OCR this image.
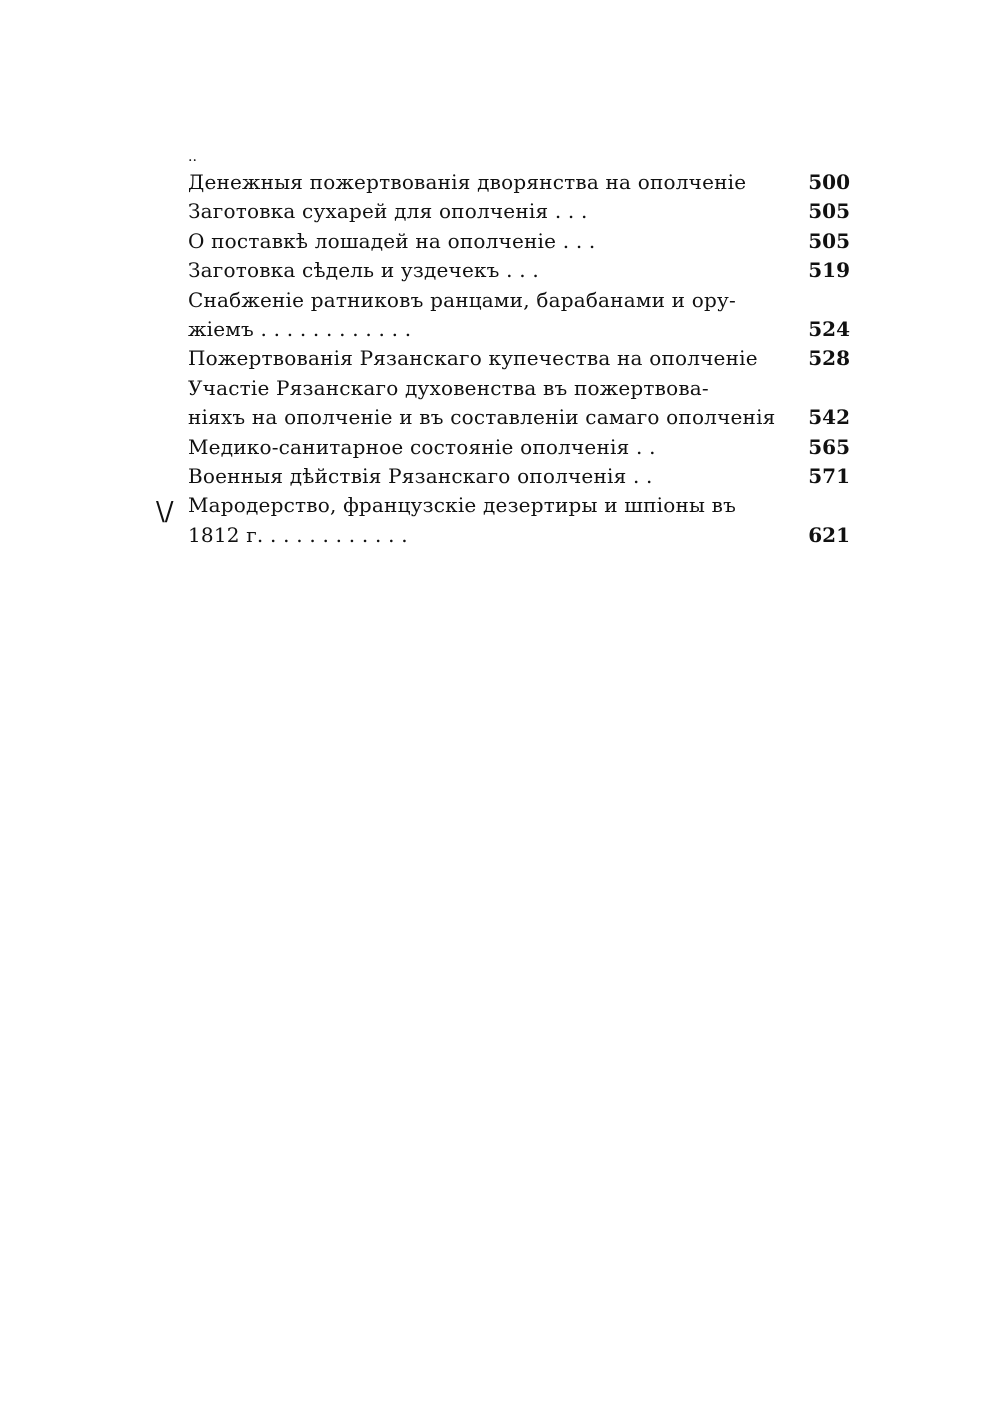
..
\/
Денежныя пожертвованія дворянства на ополченіе	500
Заготовка сухарей для ополченія . . .	505
О поставкѣ лошадей на ополченіе . . .	505
Заготовка сѣдель и уздечекъ . . .	519
Снабженіе ратниковъ ранцами, барабанами и ору-
жіемъ . . . . . . . . . . . .	524
Пожертвованія Рязанскаго купечества на ополченіе	528
Участіе Рязанскаго духовенства въ пожертвова-
ніяхъ на ополченіе и въ составленіи самаго ополченія	542
Медико-санитарное состояніе ополченія . .	565
Военныя дѣйствія Рязанскаго ополченія . .	571
Мародерство, французскіе дезертиры и шпіоны въ
1812 г. . . . . . . . . . . .	621
